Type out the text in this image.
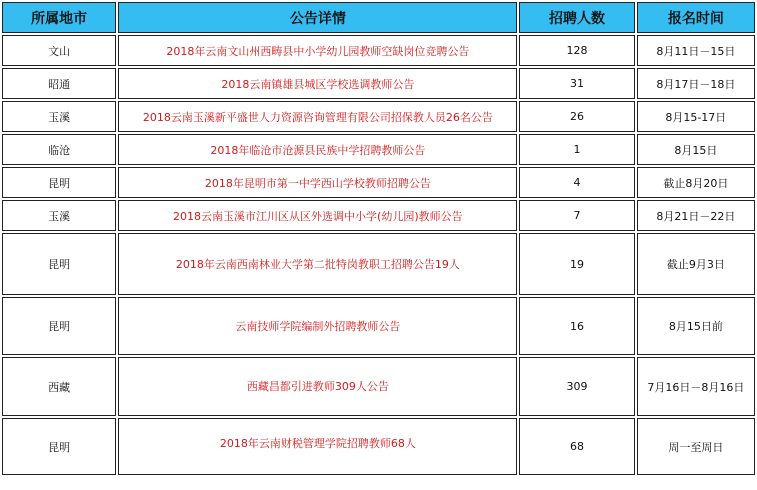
所属地市	公告详情	招聘人数	报名时间
文山	2018年云南文山州西畴县中小学幼儿园教师空缺岗位竞聘公告	128	8月11日－15日
昭通	2018云南镇雄县城区学校选调教师公告	31	8月17日－18日
玉溪	2018云南玉溪新平盛世人力资源咨询管理有限公司招保教人员26名公告	26	8月15-17日
临沧	2018年临沧市沧源县民族中学招聘教师公告	1	8月15日
昆明	2018年昆明市第一中学西山学校教师招聘公告	4	截止8月20日
玉溪	2018云南玉溪市江川区从区外选调中小学(幼儿园)教师公告	7	8月21日－22日
昆明	2018年云南西南林业大学第二批特岗教职工招聘公告19人	19	截止9月3日
昆明	云南技师学院编制外招聘教师公告	16	8月15日前
西藏	西藏昌都引进教师309人公告	309	7月16日－8月16日
昆明	2018年云南财税管理学院招聘教师68人	68	周一至周日
